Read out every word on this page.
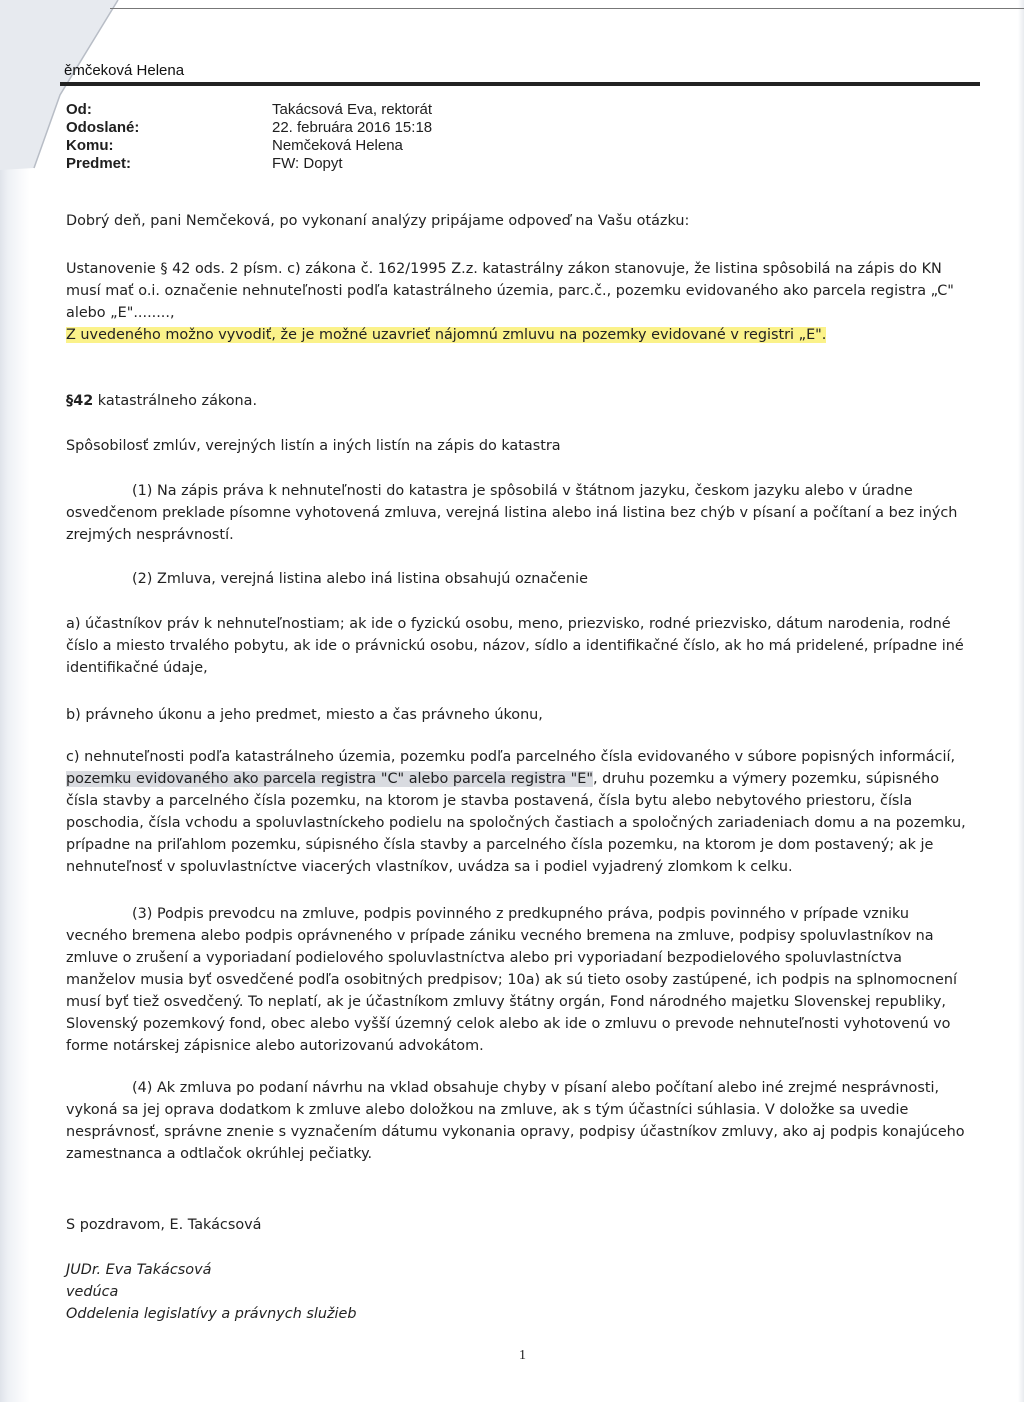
ěmčeková Helena
Od:	Takácsová Eva, rektorát
Odoslané:	22. februára 2016 15:18
Komu:	Nemčeková Helena
Predmet:	FW: Dopyt
Dobrý deň, pani Nemčeková, po vykonaní analýzy pripájame odpoveď na Vašu otázku:
Ustanovenie § 42 ods. 2 písm. c) zákona č. 162/1995 Z.z. katastrálny zákon stanovuje, že listina spôsobilá na zápis do KN musí mať o.i. označenie nehnuteľnosti podľa katastrálneho územia, parc.č., pozemku evidovaného ako parcela registra „C" alebo „E"........,
Z uvedeného možno vyvodiť, že je možné uzavrieť nájomnú zmluvu na pozemky evidované v registri „E".
§42 katastrálneho zákona.
Spôsobilosť zmlúv, verejných listín a iných listín na zápis do katastra
(1) Na zápis práva k nehnuteľnosti do katastra je spôsobilá v štátnom jazyku, českom jazyku alebo v úradne osvedčenom preklade písomne vyhotovená zmluva, verejná listina alebo iná listina bez chýb v písaní a počítaní a bez iných zrejmých nesprávností.
(2) Zmluva, verejná listina alebo iná listina obsahujú označenie
a) účastníkov práv k nehnuteľnostiam; ak ide o fyzickú osobu, meno, priezvisko, rodné priezvisko, dátum narodenia, rodné číslo a miesto trvalého pobytu, ak ide o právnickú osobu, názov, sídlo a identifikačné číslo, ak ho má pridelené, prípadne iné identifikačné údaje,
b) právneho úkonu a jeho predmet, miesto a čas právneho úkonu,
c) nehnuteľnosti podľa katastrálneho územia, pozemku podľa parcelného čísla evidovaného v súbore popisných informácií, pozemku evidovaného ako parcela registra "C" alebo parcela registra "E", druhu pozemku a výmery pozemku, súpisného čísla stavby a parcelného čísla pozemku, na ktorom je stavba postavená, čísla bytu alebo nebytového priestoru, čísla poschodia, čísla vchodu a spoluvlastníckeho podielu na spoločných častiach a spoločných zariadeniach domu a na pozemku, prípadne na priľahlom pozemku, súpisného čísla stavby a parcelného čísla pozemku, na ktorom je dom postavený; ak je nehnuteľnosť v spoluvlastníctve viacerých vlastníkov, uvádza sa i podiel vyjadrený zlomkom k celku.
(3) Podpis prevodcu na zmluve, podpis povinného z predkupného práva, podpis povinného v prípade vzniku vecného bremena alebo podpis oprávneného v prípade zániku vecného bremena na zmluve, podpisy spoluvlastníkov na zmluve o zrušení a vyporiadaní podielového spoluvlastníctva alebo pri vyporiadaní bezpodielového spoluvlastníctva manželov musia byť osvedčené podľa osobitných predpisov; 10a) ak sú tieto osoby zastúpené, ich podpis na splnomocnení musí byť tiež osvedčený. To neplatí, ak je účastníkom zmluvy štátny orgán, Fond národného majetku Slovenskej republiky, Slovenský pozemkový fond, obec alebo vyšší územný celok alebo ak ide o zmluvu o prevode nehnuteľnosti vyhotovenú vo forme notárskej zápisnice alebo autorizovanú advokátom.
(4) Ak zmluva po podaní návrhu na vklad obsahuje chyby v písaní alebo počítaní alebo iné zrejmé nesprávnosti, vykoná sa jej oprava dodatkom k zmluve alebo doložkou na zmluve, ak s tým účastníci súhlasia. V doložke sa uvedie nesprávnosť, správne znenie s vyznačením dátumu vykonania opravy, podpisy účastníkov zmluvy, ako aj podpis konajúceho zamestnanca a odtlačok okrúhlej pečiatky.
S pozdravom, E. Takácsová
JUDr. Eva Takácsová
vedúca
Oddelenia legislatívy a právnych služieb
1
